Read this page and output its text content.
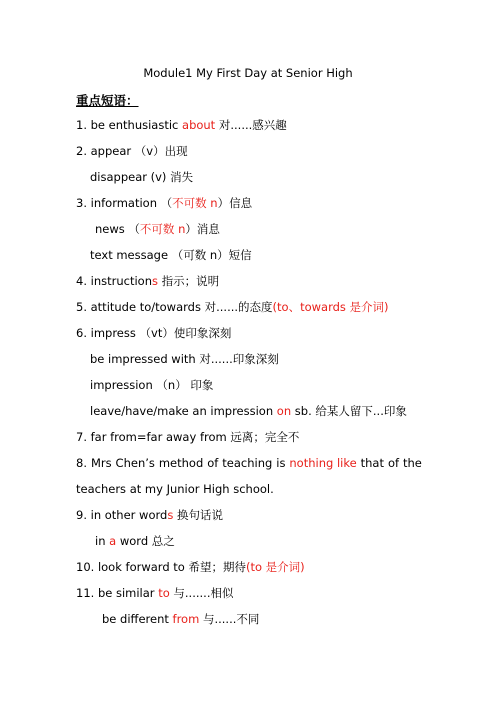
Module1 My First Day at Senior High
重点短语：
1. be enthusiastic about 对......感兴趣
2. appear （v）出现
disappear (v) 消失
3. information （不可数 n）信息
news （不可数 n）消息
text message （可数 n）短信
4. instructions 指示；说明
5. attitude to/towards 对......的态度(to、towards 是介词)
6. impress （vt）使印象深刻
be impressed with 对......印象深刻
impression （n） 印象
leave/have/make an impression on sb. 给某人留下...印象
7. far from=far away from 远离；完全不
8. Mrs Chen’s method of teaching is nothing like that of the
teachers at my Junior High school.
9. in other words 换句话说
in a word 总之
10. look forward to 希望；期待(to 是介词)
11. be similar to 与.......相似
be different from 与......不同
